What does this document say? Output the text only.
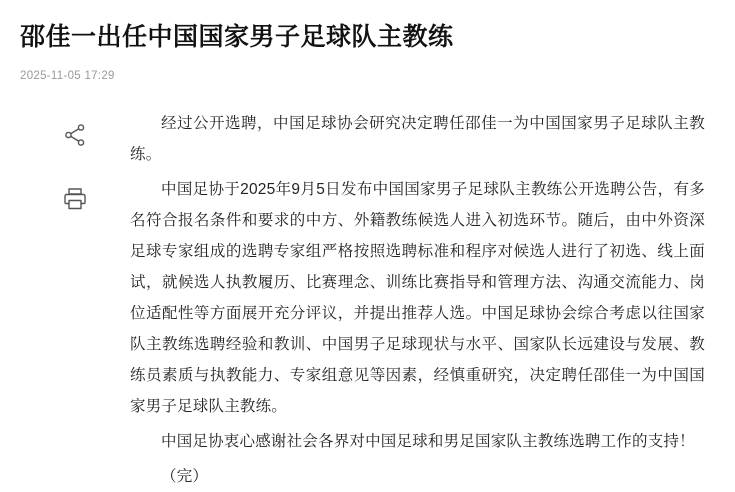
邵佳一出任中国国家男子足球队主教练
2025-11-05 17:29

经过公开选聘，中国足球协会研究决定聘任邵佳一为中国国家男子足球队主教练。

中国足协于2025年9月5日发布中国国家男子足球队主教练公开选聘公告，有多名符合报名条件和要求的中方、外籍教练候选人进入初选环节。随后，由中外资深足球专家组成的选聘专家组严格按照选聘标准和程序对候选人进行了初选、线上面试，就候选人执教履历、比赛理念、训练比赛指导和管理方法、沟通交流能力、岗位适配性等方面展开充分评议，并提出推荐人选。中国足球协会综合考虑以往国家队主教练选聘经验和教训、中国男子足球现状与水平、国家队长远建设与发展、教练员素质与执教能力、专家组意见等因素，经慎重研究，决定聘任邵佳一为中国国家男子足球队主教练。

中国足协衷心感谢社会各界对中国足球和男足国家队主教练选聘工作的支持！

（完）
